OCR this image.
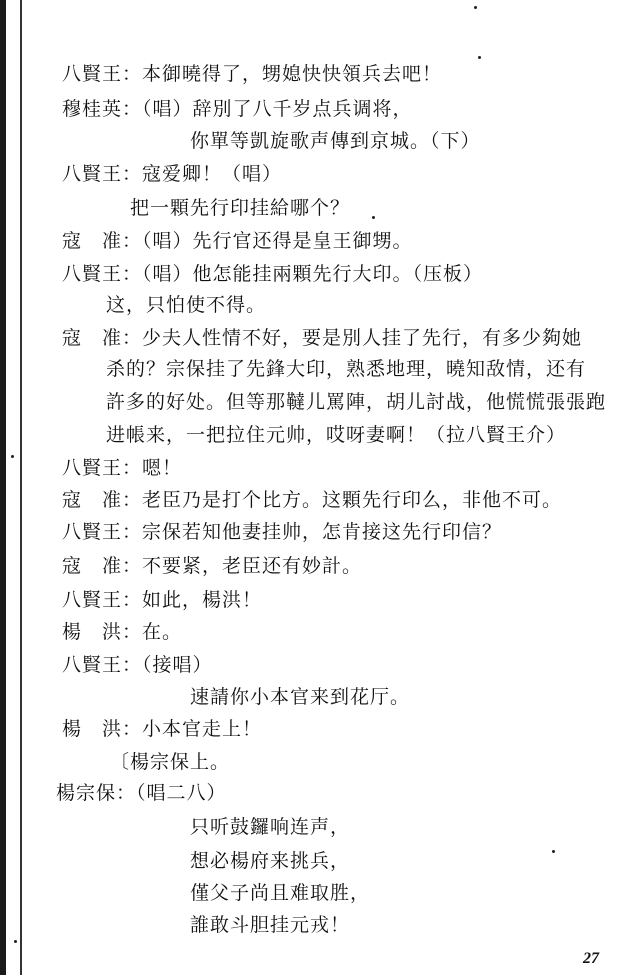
八賢王：本御曉得了，甥媳快快領兵去吧！
穆桂英：（唱）辞別了八千岁点兵调将，
你單等凱旋歌声傳到京城。（下）
八賢王：寇爱卿！（唱）
把一顆先行印挂給哪个？
寇　准：（唱）先行官还得是皇王御甥。
八賢王：（唱）他怎能挂兩顆先行大印。（压板）
这，只怕使不得。
寇　准：少夫人性情不好，要是別人挂了先行，有多少夠她
杀的？宗保挂了先鋒大印，熟悉地理，曉知敌情，还有
許多的好处。但等那韃儿罵陣，胡儿討战，他慌慌張張跑
进帳来，一把拉住元帅，哎呀妻啊！（拉八賢王介）
八賢王：嗯！
寇　准：老臣乃是打个比方。这顆先行印么，非他不可。
八賢王：宗保若知他妻挂帅，怎肯接这先行印信？
寇　准：不要紧，老臣还有妙計。
八賢王：如此，楊洪！
楊　洪：在。
八賢王：（接唱）
速請你小本官来到花厅。
楊　洪：小本官走上！
〔楊宗保上。
楊宗保：（唱二八）
只听鼓鑼响连声，
想必楊府来挑兵，
僅父子尚且难取胜，
誰敢斗胆挂元戎！
27
